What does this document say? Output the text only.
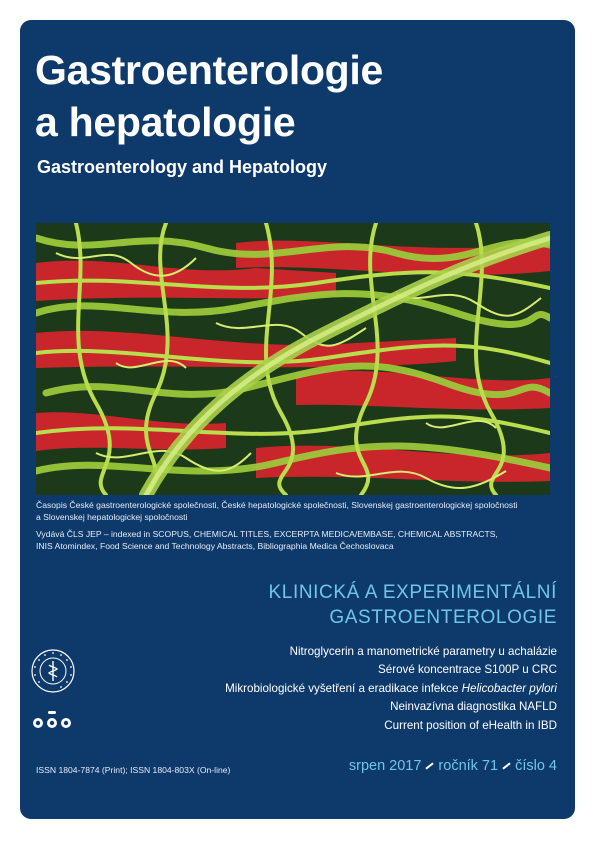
Gastroenterologie
a hepatologie
Gastroenterology and Hepatology

Časopis České gastroenterologické společnosti, České hepatologické společnosti, Slovenskej gastroenterologickej spoločnosti
a Slovenskej hepatologickej spoločnosti

Vydává ČLS JEP – indexed in SCOPUS, CHEMICAL TITLES, EXCERPTA MEDICA/EMBASE, CHEMICAL ABSTRACTS,
INIS Atomindex, Food Science and Technology Abstracts, Bibliographia Medica Čechoslovaca

KLINICKÁ A EXPERIMENTÁLNÍ
GASTROENTEROLOGIE
Nitroglycerin a manometrické parametry u achalázie
Sérové koncentrace S100P u CRC
Mikrobiologické vyšetření a eradikace infekce Helicobacter pylori
Neinvazívna diagnostika NAFLD
Current position of eHealth in IBD
ISSN 1804-7874 (Print); ISSN 1804-803X (On-line)	srpen 2017 ročník 71 číslo 4
